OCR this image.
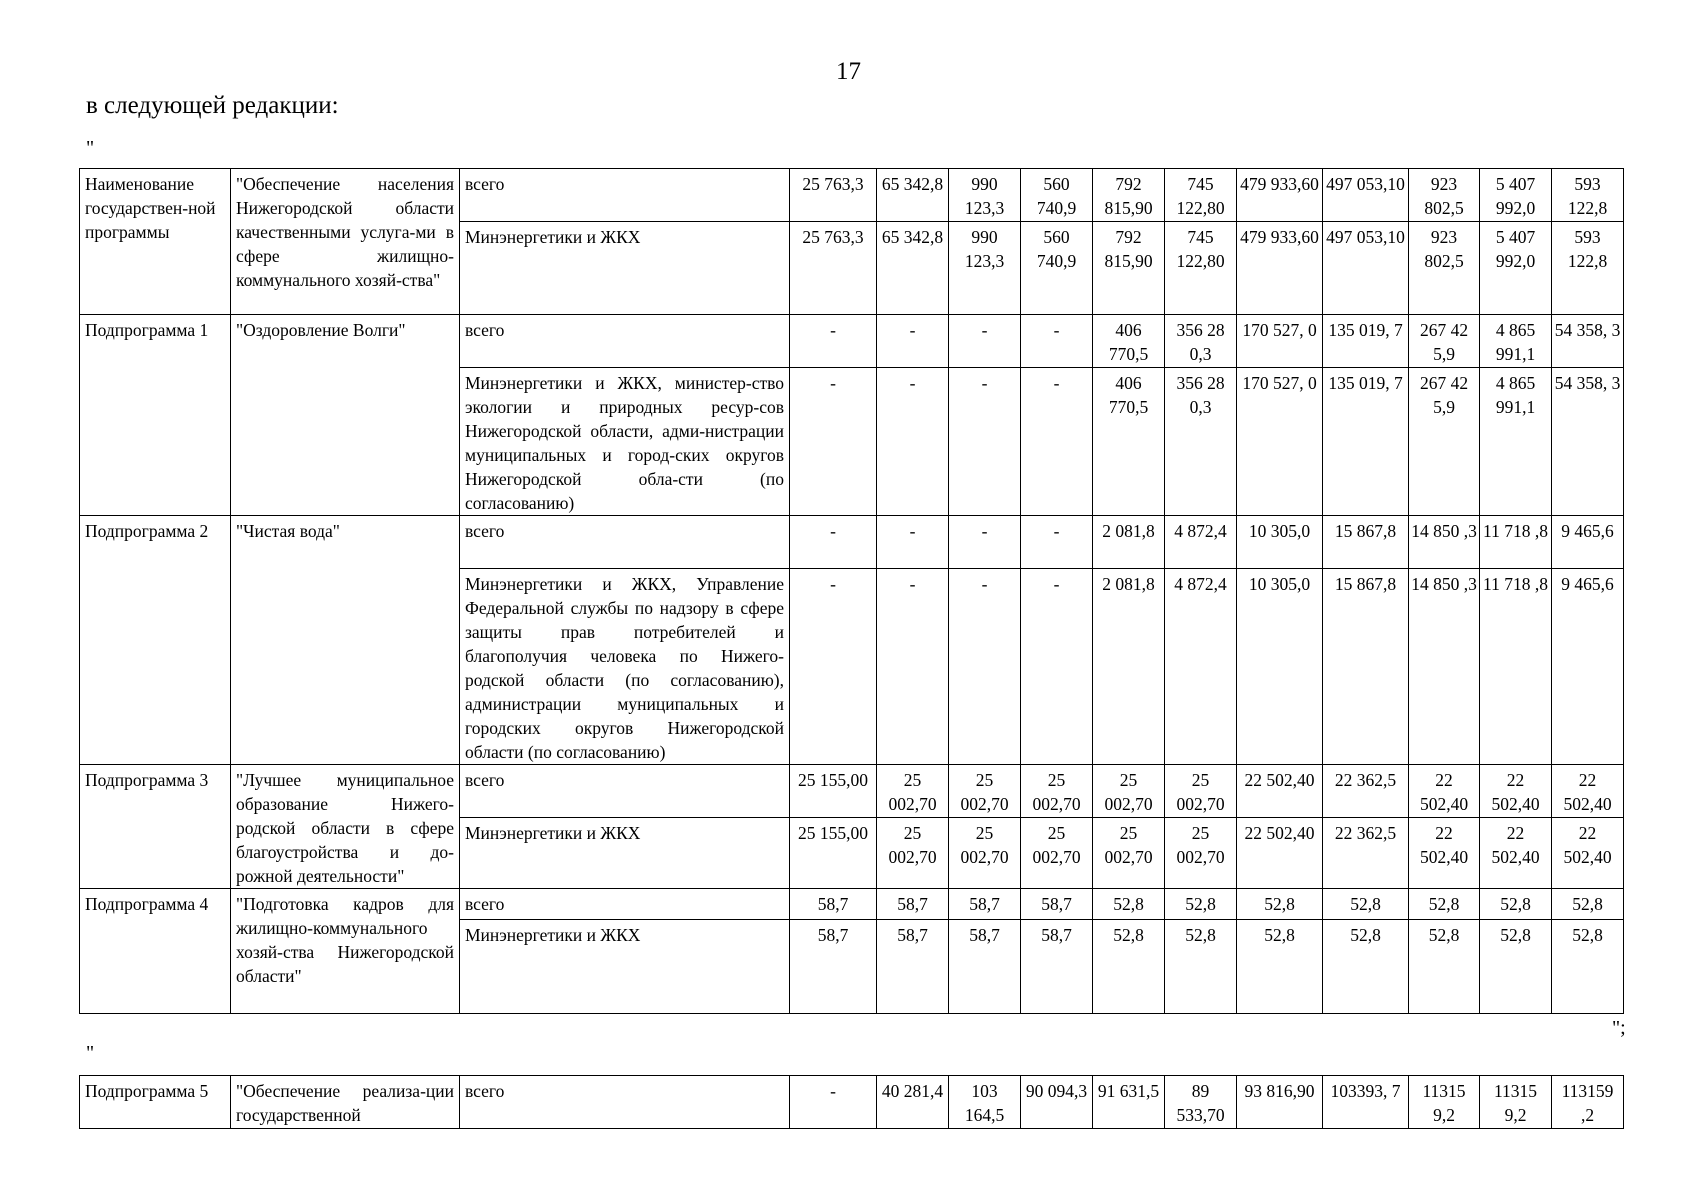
17
в следующей редакции:
"
Наименование государствен-ной программы	"Обеспечение населения Нижегородской области качественными услуга-ми в сфере жилищно-коммунального хозяй-ства"	всего	25 763,3	65 342,8	990 123,3	560 740,9	792 815,90	745 122,80	479 933,60	497 053,10	923 802,5	5 407 992,0	593 122,8
		Минэнергетики и ЖКХ	25 763,3	65 342,8	990 123,3	560 740,9	792 815,90	745 122,80	479 933,60	497 053,10	923 802,5	5 407 992,0	593 122,8
Подпрограмма 1	"Оздоровление Волги"	всего	-	-	-	-	406 770,5	356 28 0,3	170 527, 0	135 019, 7	267 42 5,9	4 865 991,1	54 358, 3
		Минэнергетики и ЖКХ, министер-ство экологии и природных ресур-сов Нижегородской области, адми-нистрации муниципальных и город-ских округов Нижегородской обла-сти (по согласованию)	-	-	-	-	406 770,5	356 28 0,3	170 527, 0	135 019, 7	267 42 5,9	4 865 991,1	54 358, 3
Подпрограмма 2	"Чистая вода"	всего	-	-	-	-	2 081,8	4 872,4	10 305,0	15 867,8	14 850 ,3	11 718 ,8	9 465,6
		Минэнергетики и ЖКХ, Управление Федеральной службы по надзору в сфере защиты прав потребителей и благополучия человека по Нижего-родской области (по согласованию), администрации муниципальных и городских округов Нижегородской области (по согласованию)	-	-	-	-	2 081,8	4 872,4	10 305,0	15 867,8	14 850 ,3	11 718 ,8	9 465,6
Подпрограмма 3	"Лучшее муниципальное образование Нижего-родской области в сфере благоустройства и до-рожной деятельности"	всего	25 155,00	25 002,70	25 002,70	25 002,70	25 002,70	25 002,70	22 502,40	22 362,5	22 502,40	22 502,40	22 502,40
		Минэнергетики и ЖКХ	25 155,00	25 002,70	25 002,70	25 002,70	25 002,70	25 002,70	22 502,40	22 362,5	22 502,40	22 502,40	22 502,40
Подпрограмма 4	"Подготовка кадров для жилищно-коммунального хозяй-ства Нижегородской области"	всего	58,7	58,7	58,7	58,7	52,8	52,8	52,8	52,8	52,8	52,8	52,8
		Минэнергетики и ЖКХ	58,7	58,7	58,7	58,7	52,8	52,8	52,8	52,8	52,8	52,8	52,8
";
"
Подпрограмма 5	"Обеспечение реализа-ции государственной	всего	-	40 281,4	103 164,5	90 094,3	91 631,5	89 533,70	93 816,90	103393, 7	11315 9,2	11315 9,2	113159 ,2
